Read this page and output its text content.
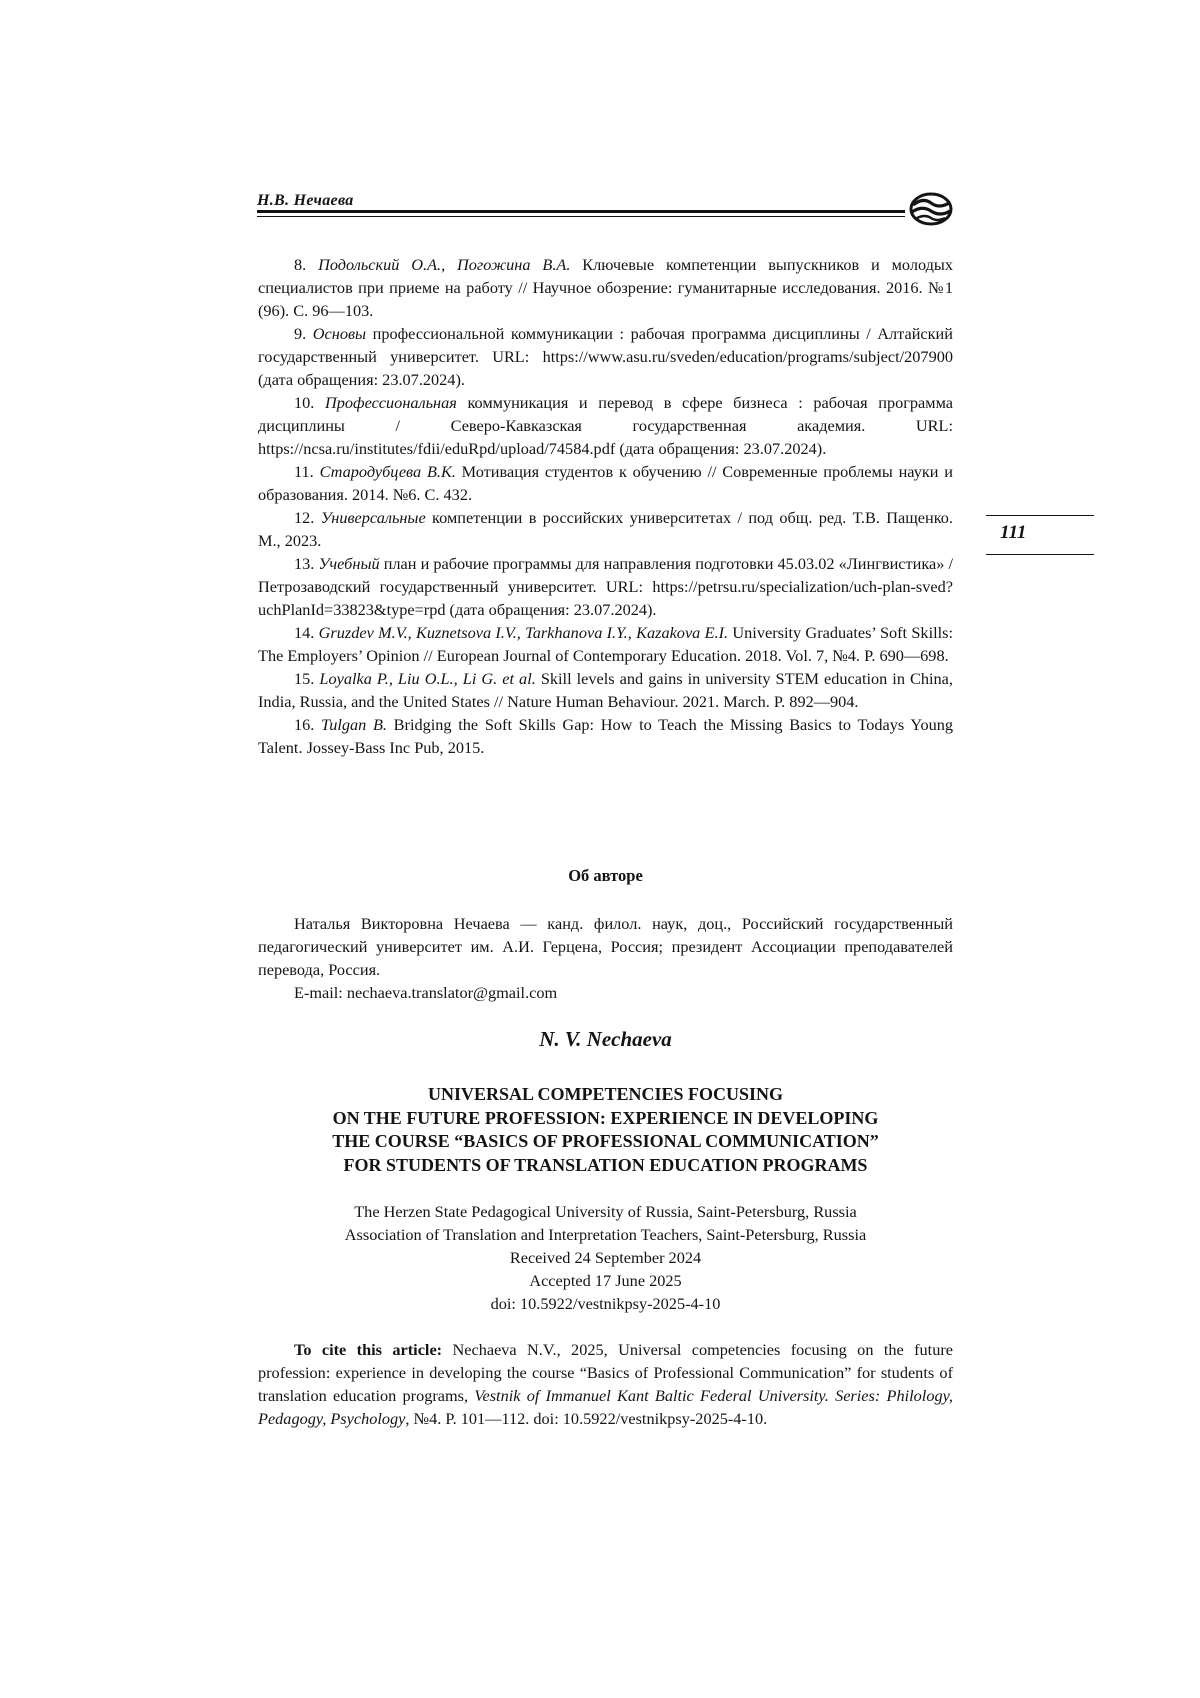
Н.В. Нечаева
111

8. Подольский О.А., Погожина В.А. Ключевые компетенции выпускников и молодых специалистов при приеме на работу // Научное обозрение: гуманитарные исследования. 2016. №1 (96). С. 96—103.

9. Основы профессиональной коммуникации : рабочая программа дисциплины / Алтайский государственный университет. URL: https://www.asu.ru/sveden/education/programs/subject/207900 (дата обращения: 23.07.2024).

10. Профессиональная коммуникация и перевод в сфере бизнеса : рабочая программа дисциплины / Северо-Кавказская государственная академия. URL: https://ncsa.ru/institutes/fdii/eduRpd/upload/74584.pdf (дата обращения: 23.07.2024).

11. Стародубцева В.К. Мотивация студентов к обучению // Современные проблемы науки и образования. 2014. №6. С. 432.

12. Универсальные компетенции в российских университетах / под общ. ред. Т.В. Пащенко. М., 2023.

13. Учебный план и рабочие программы для направления подготовки 45.03.02 «Лингвистика» / Петрозаводский государственный университет. URL: https://petrsu.ru/specialization/uch-plan-sved?uchPlanId=33823&type=rpd (дата обращения: 23.07.2024).

14. Gruzdev M.V., Kuznetsova I.V., Tarkhanova I.Y., Kazakova E.I. University Graduates’ Soft Skills: The Employers’ Opinion // European Journal of Contemporary Education. 2018. Vol. 7, №4. P. 690—698.

15. Loyalka P., Liu O.L., Li G. et al. Skill levels and gains in university STEM education in China, India, Russia, and the United States // Nature Human Behaviour. 2021. March. P. 892—904.

16. Tulgan B. Bridging the Soft Skills Gap: How to Teach the Missing Basics to Todays Young Talent. Jossey-Bass Inc Pub, 2015.

Об авторе

Наталья Викторовна Нечаева — канд. филол. наук, доц., Российский государственный педагогический университет им. А.И. Герцена, Россия; президент Ассоциации преподавателей перевода, Россия.

E-mail: nechaeva.translator@gmail.com

N. V. Nechaeva
UNIVERSAL COMPETENCIES FOCUSING
ON THE FUTURE PROFESSION: EXPERIENCE IN DEVELOPING
THE COURSE “BASICS OF PROFESSIONAL COMMUNICATION”
FOR STUDENTS OF TRANSLATION EDUCATION PROGRAMS
The Herzen State Pedagogical University of Russia, Saint-Petersburg, Russia
Association of Translation and Interpretation Teachers, Saint-Petersburg, Russia
Received 24 September 2024
Accepted 17 June 2025
doi: 10.5922/vestnikpsy-2025-4-10

To cite this article: Nechaeva N.V., 2025, Universal competencies focusing on the future profession: experience in developing the course “Basics of Professional Communication” for students of translation education programs, Vestnik of Immanuel Kant Baltic Federal University. Series: Philology, Pedagogy, Psychology, №4. P. 101—112. doi: 10.5922/vestnikpsy-2025-4-10.
